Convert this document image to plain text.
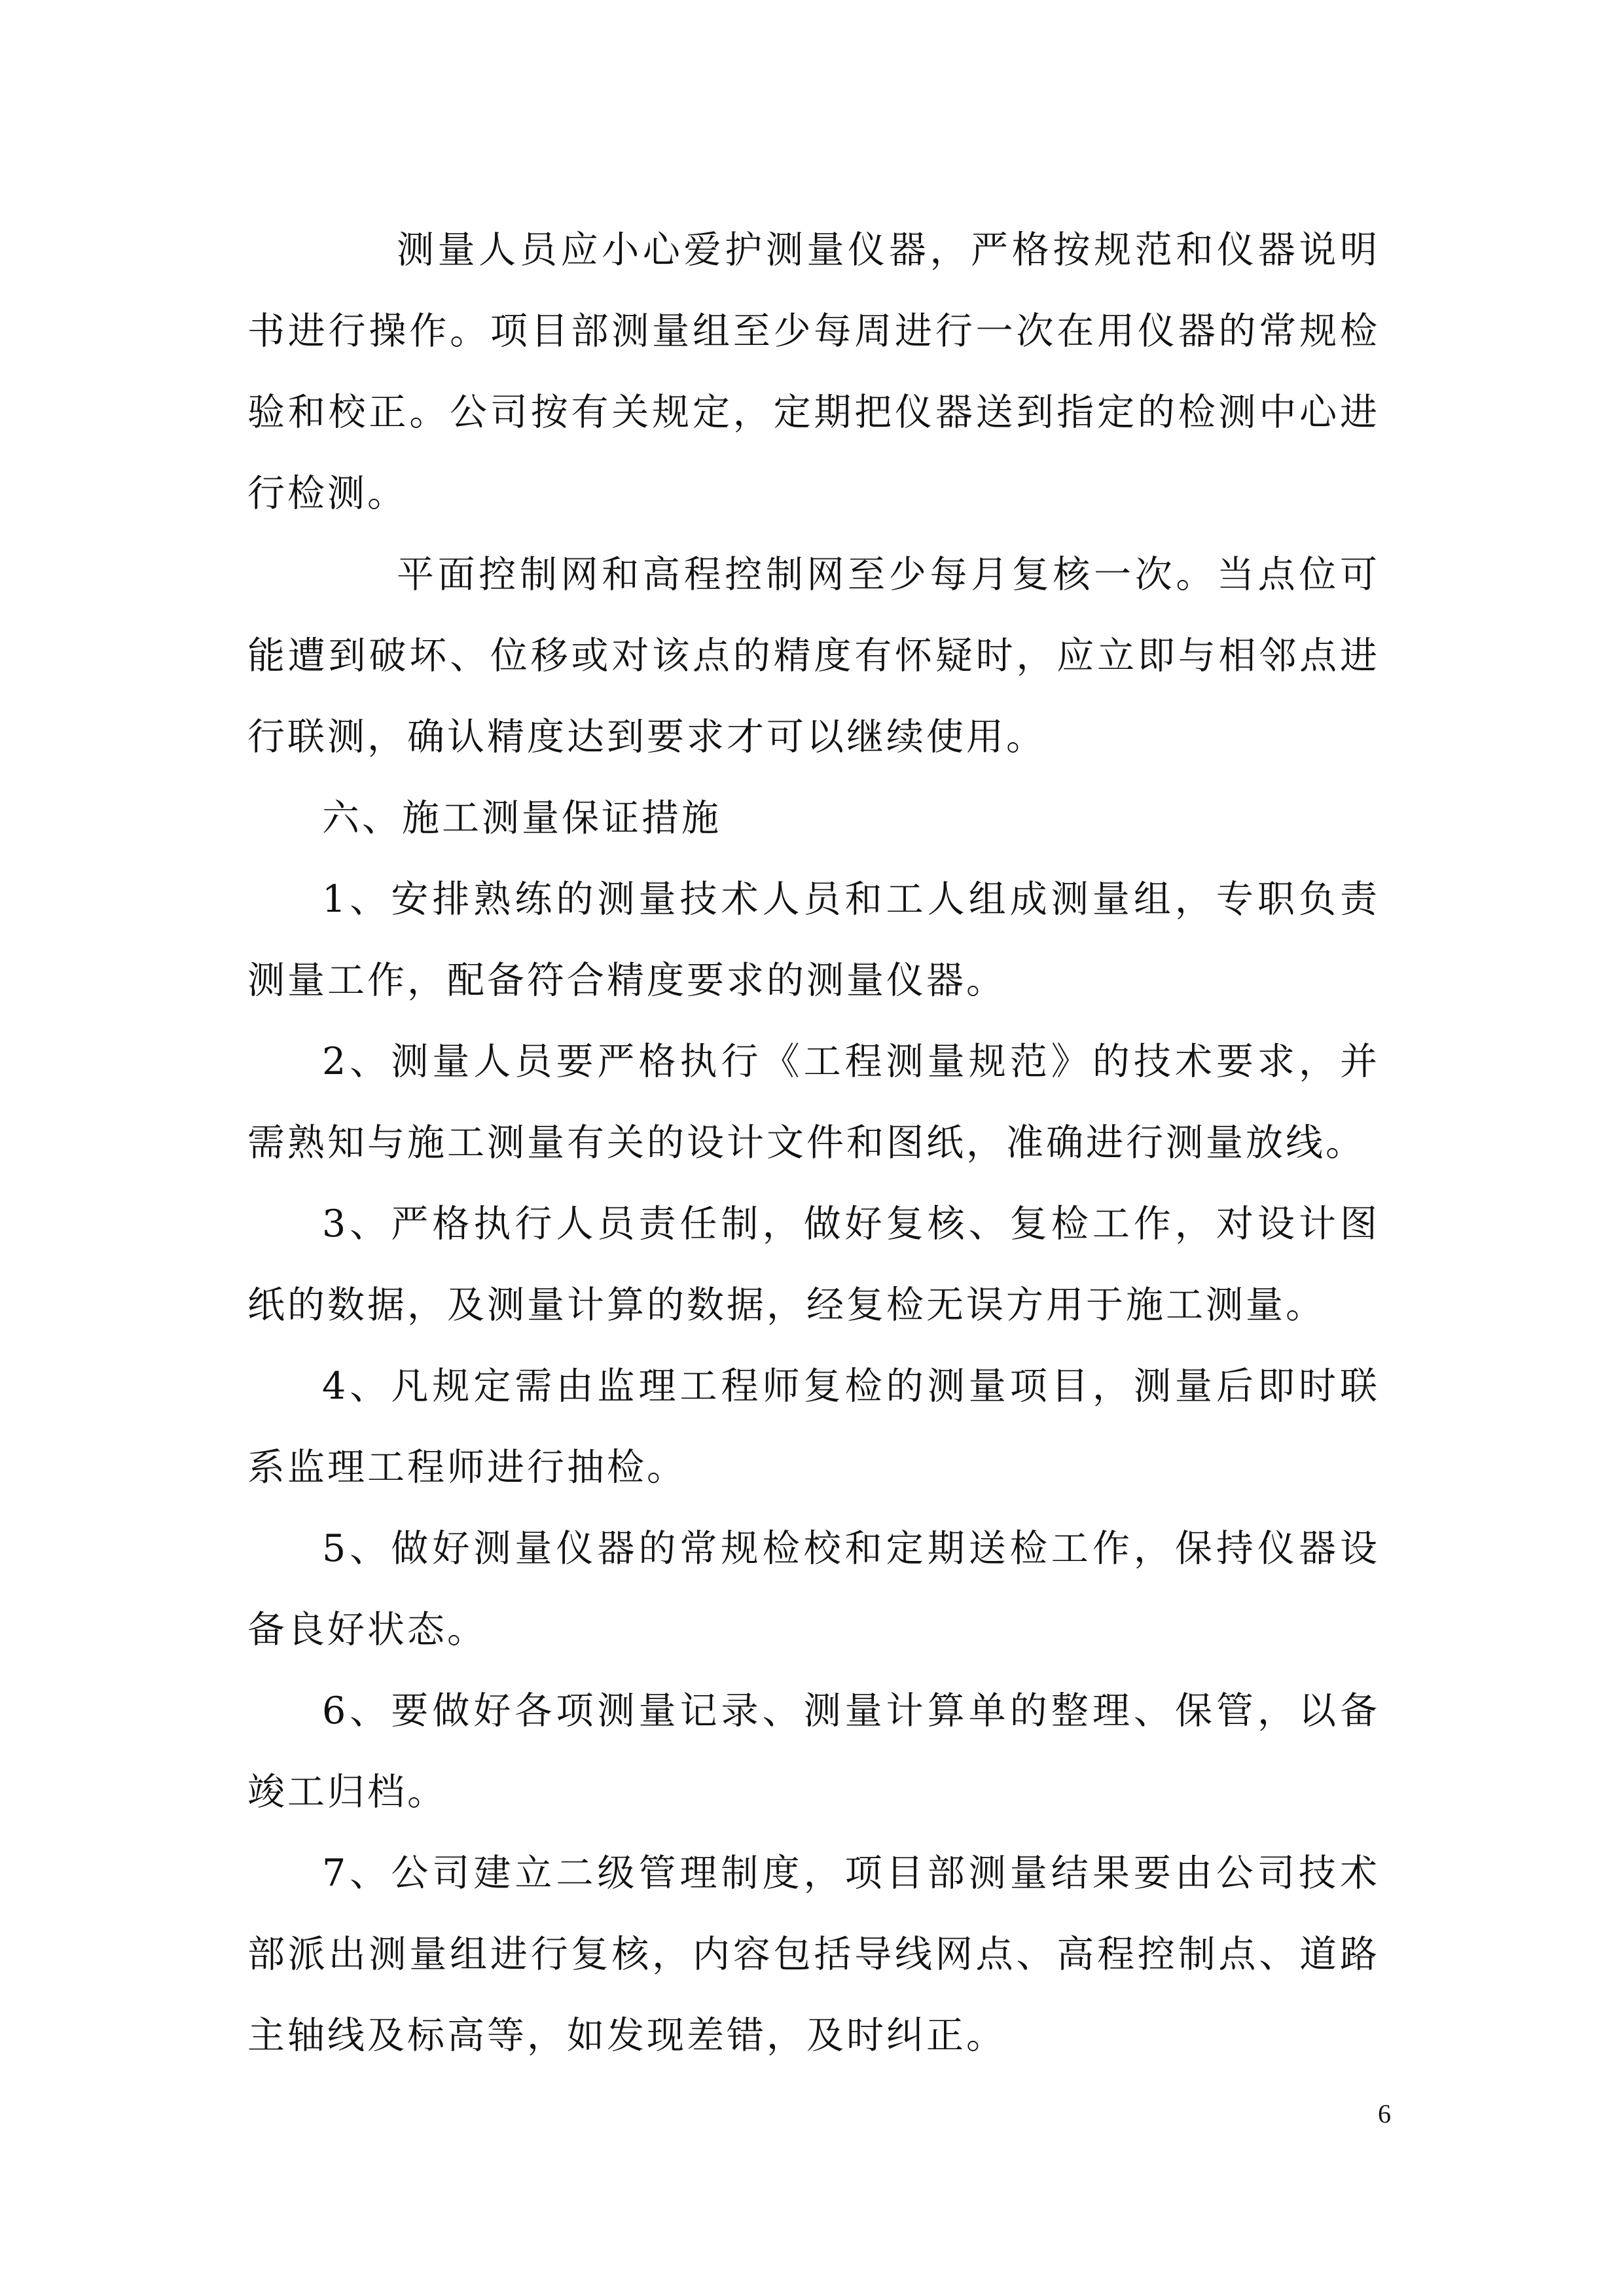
测量人员应小心爱护测量仪器，严格按规范和仪器说明书进行操作。项目部测量组至少每周进行一次在用仪器的常规检验和校正。公司按有关规定，定期把仪器送到指定的检测中心进行检测。

平面控制网和高程控制网至少每月复核一次。当点位可能遭到破坏、位移或对该点的精度有怀疑时，应立即与相邻点进行联测，确认精度达到要求才可以继续使用。

六、施工测量保证措施

1、安排熟练的测量技术人员和工人组成测量组，专职负责测量工作，配备符合精度要求的测量仪器。

2、测量人员要严格执行《工程测量规范》的技术要求，并需熟知与施工测量有关的设计文件和图纸，准确进行测量放线。

3、严格执行人员责任制，做好复核、复检工作，对设计图纸的数据，及测量计算的数据，经复检无误方用于施工测量。

4、凡规定需由监理工程师复检的测量项目，测量后即时联系监理工程师进行抽检。

5、做好测量仪器的常规检校和定期送检工作，保持仪器设备良好状态。

6、要做好各项测量记录、测量计算单的整理、保管，以备竣工归档。

7、公司建立二级管理制度，项目部测量结果要由公司技术部派出测量组进行复核，内容包括导线网点、高程控制点、道路主轴线及标高等，如发现差错，及时纠正。

6
